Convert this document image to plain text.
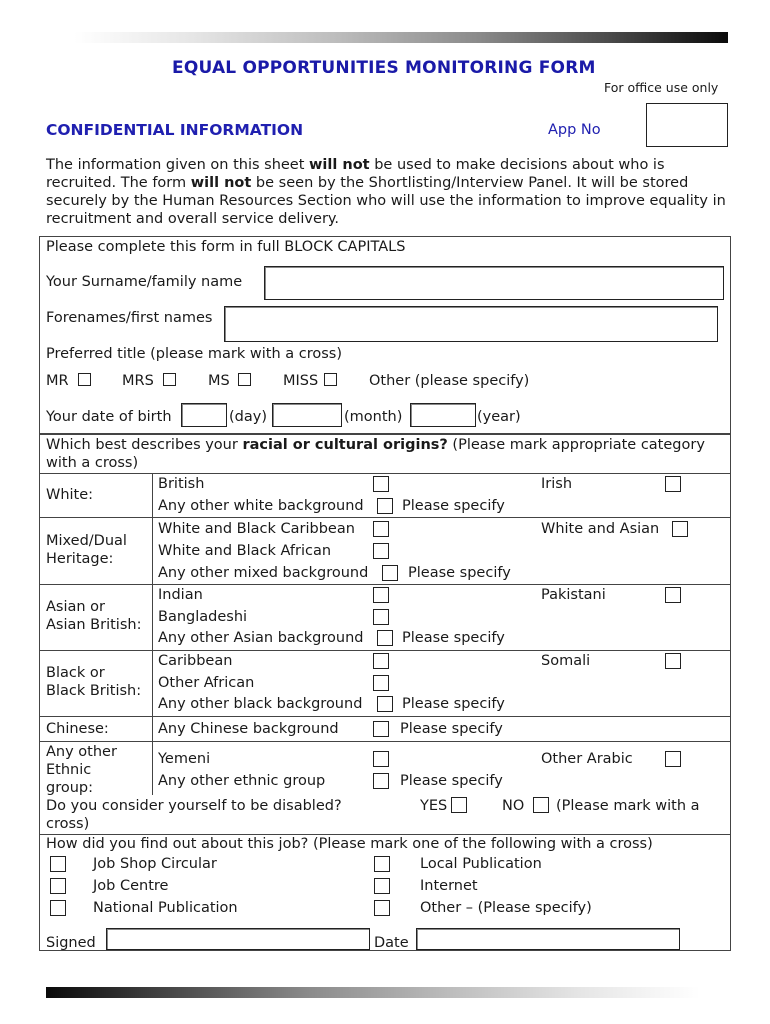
EQUAL OPPORTUNITIES MONITORING FORM
For office use only
CONFIDENTIAL INFORMATION	App No
The information given on this sheet will not be used to make decisions about who is recruited. The form will not be seen by the Shortlisting/Interview Panel. It will be stored securely by the Human Resources Section who will use the information to improve equality in recruitment and overall service delivery.
Please complete this form in full BLOCK CAPITALS
Your Surname/family name
Forenames/first names
Preferred title (please mark with a cross)
MR	MRS	MS	MISS	Other (please specify)
Your date of birth	(day)	(month)	(year)
Which best describes your racial or cultural origins? (Please mark appropriate category
with a cross)
White:
British	Irish
Any other white background	Please specify
Mixed/Dual
Heritage:
White and Black Caribbean	White and Asian
White and Black African
Any other mixed background	Please specify
Asian or
Asian British:
Indian	Pakistani
Bangladeshi
Any other Asian background	Please specify
Black or
Black British:
Caribbean	Somali
Other African
Any other black background	Please specify
Chinese:	Any Chinese background	Please specify
Any other
Ethnic
group:
Yemeni	Other Arabic
Any other ethnic group	Please specify
Do you consider yourself to be disabled?	YES	NO (Please mark with a
cross)
How did you find out about this job? (Please mark one of the following with a cross)
Job Shop Circular	Local Publication
Job Centre	Internet
National Publication	Other – (Please specify)
Signed	Date
